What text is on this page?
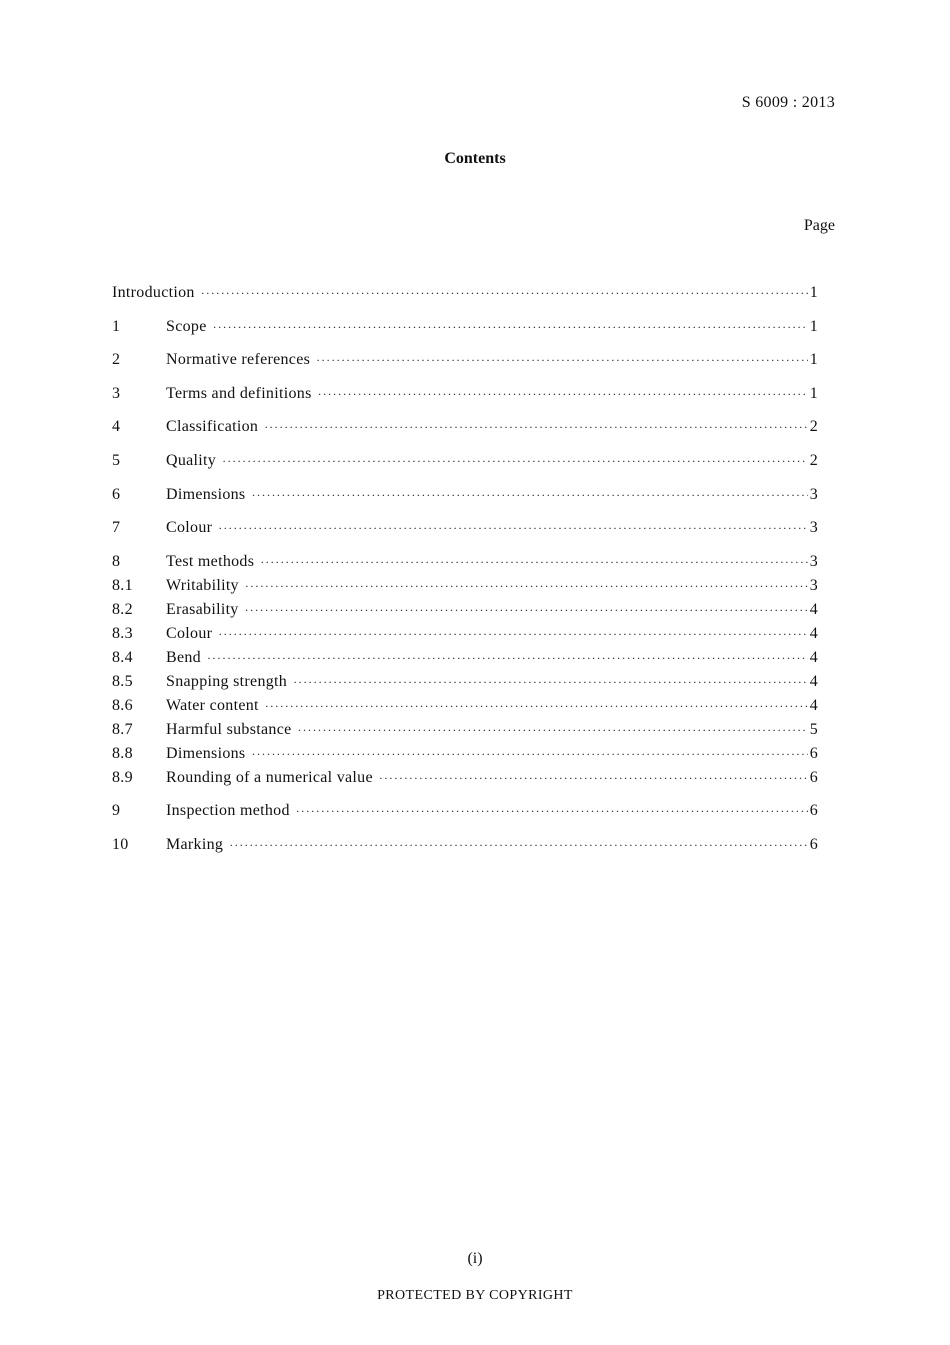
S 6009 : 2013
Contents
Page
Introduction ·····	1
1	Scope ·····	1
2	Normative references ·····	1
3	Terms and definitions ·····	1
4	Classification ·····	2
5	Quality ·····	2
6	Dimensions ·····	3
7	Colour ·····	3
8	Test methods ·····	3
8.1	Writability ·····	3
8.2	Erasability ·····	4
8.3	Colour ·····	4
8.4	Bend ·····	4
8.5	Snapping strength ·····	4
8.6	Water content ·····	4
8.7	Harmful substance ·····	5
8.8	Dimensions ·····	6
8.9	Rounding of a numerical value ·····	6
9	Inspection method ·····	6
10	Marking ·····	6
(i)
PROTECTED BY COPYRIGHT
